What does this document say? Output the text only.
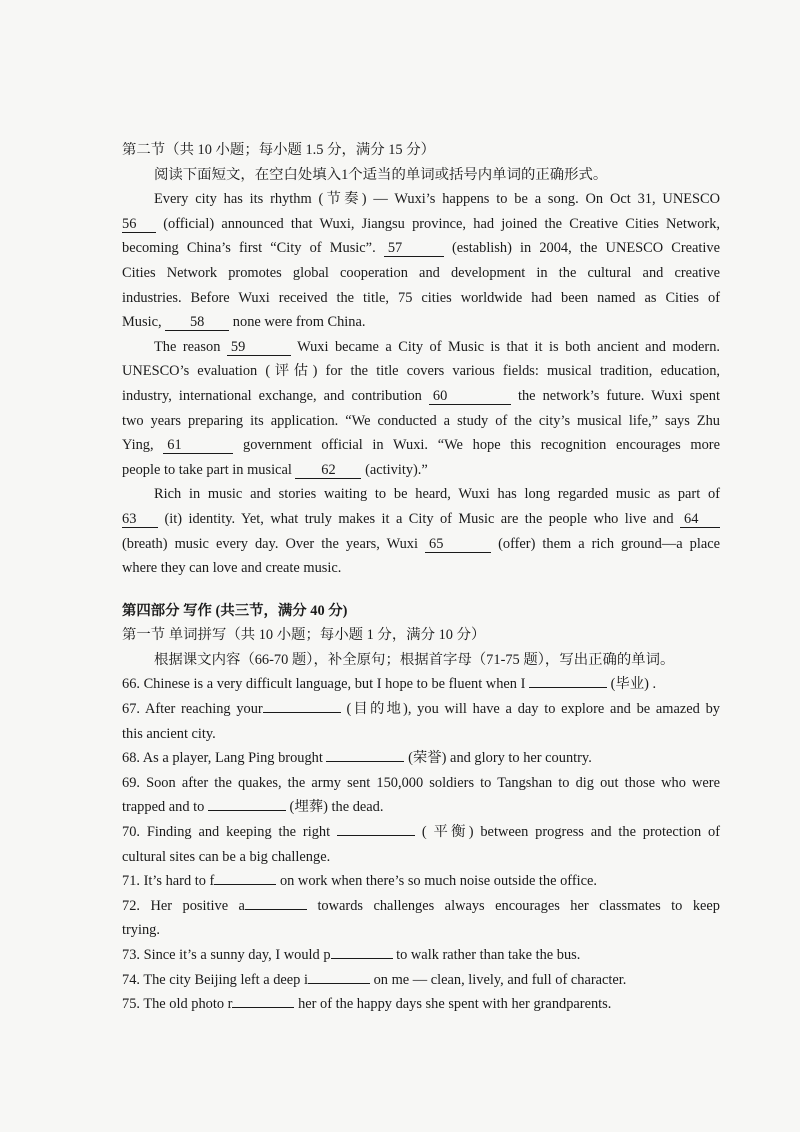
第二节（共 10 小题；每小题 1.5 分，满分 15 分）
阅读下面短文，在空白处填入1个适当的单词或括号内单词的正确形式。
Every city has its rhythm (节奏) — Wuxi’s happens to be a song. On Oct 31, UNESCO
56 (official) announced that Wuxi, Jiangsu province, had joined the Creative Cities Network,
becoming China’s first “City of Music”. 57	(establish) in 2004, the UNESCO Creative
Cities Network promotes global cooperation and development in the cultural and creative
industries. Before Wuxi received the title, 75 cities worldwide had been named as Cities of
Music, 58 none were from China.
The reason 59	Wuxi became a City of Music is that it is both ancient and modern.
UNESCO’s evaluation (评估) for the title covers various fields: musical tradition, education,
industry, international exchange, and contribution 60	the network’s future. Wuxi spent
two years preparing its application. “We conducted a study of the city’s musical life,” says Zhu
Ying, 61	government official in Wuxi. “We hope this recognition encourages more
people to take part in musical 62 (activity).”
Rich in music and stories waiting to be heard, Wuxi has long regarded music as part of
63 (it) identity. Yet, what truly makes it a City of Music are the people who live and 64
(breath) music every day. Over the years, Wuxi 65	(offer) them a rich ground—a place
where they can love and create music.
第四部分 写作 (共三节，满分 40 分)
第一节 单词拼写（共 10 小题；每小题 1 分，满分 10 分）
根据课文内容（66-70 题），补全原句；根据首字母（71-75 题），写出正确的单词。
66. Chinese is a very difficult language, but I hope to be fluent when I	(毕业) .
67. After reaching your	(目的地), you will have a day to explore and be amazed by
this ancient city.
68. As a player, Lang Ping brought	(荣誉) and glory to her country.
69. Soon after the quakes, the army sent 150,000 soldiers to Tangshan to dig out those who were
trapped and to	(埋葬) the dead.
70. Finding and keeping the right	( 平衡) between progress and the protection of
cultural sites can be a big challenge.
71. It’s hard to f	on work when there’s so much noise outside the office.
72. Her positive a	towards challenges always encourages her classmates to keep
trying.
73. Since it’s a sunny day, I would p	to walk rather than take the bus.
74. The city Beijing left a deep i	on me — clean, lively, and full of character.
75. The old photo r	her of the happy days she spent with her grandparents.
